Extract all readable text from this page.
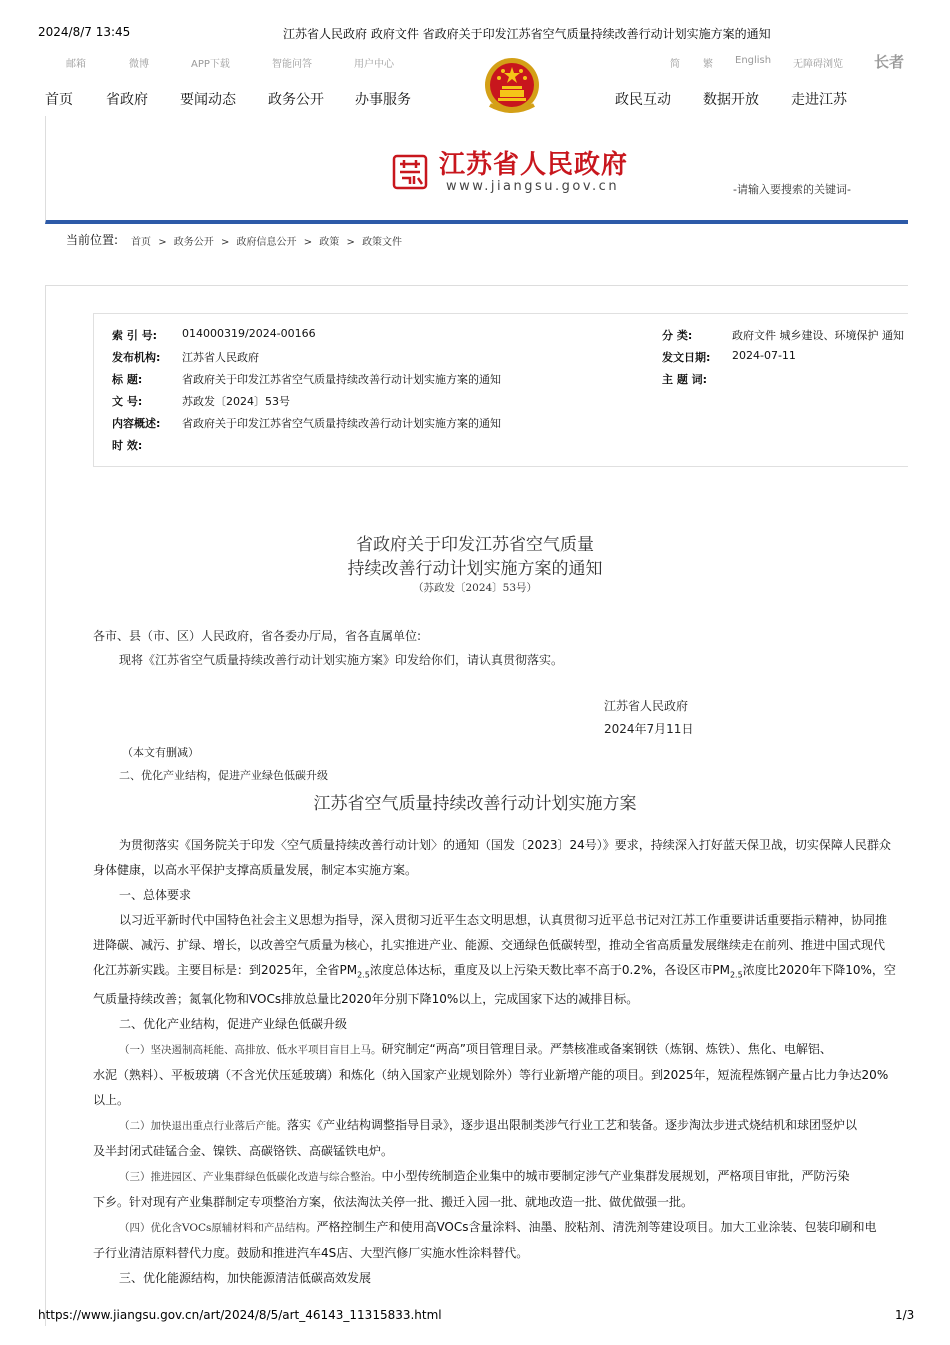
2024/8/7 13:45	江苏省人民政府 政府文件 省政府关于印发江苏省空气质量持续改善行动计划实施方案的通知
邮箱	微博	APP下载	智能问答	用户中心	简 繁 English 无障碍浏览 长者
首页 省政府 要闻动态 政务公开 办事服务	政民互动 数据开放 走进江苏
江苏省人民政府
www.jiangsu.gov.cn	-请输入要搜索的关键词-
当前位置: 首页 > 政务公开 > 政府信息公开 > 政策 > 政策文件
索 引 号: 014000319/2024-00166
发布机构: 江苏省人民政府
标 题:	省政府关于印发江苏省空气质量持续改善行动计划实施方案的通知
文 号:	苏政发〔2024〕53号
内容概述: 省政府关于印发江苏省空气质量持续改善行动计划实施方案的通知
时 效:
分 类:	政府文件 城乡建设、环境保护 通知
发文日期: 2024-07-11
主 题 词:
省政府关于印发江苏省空气质量
持续改善行动计划实施方案的通知
（苏政发〔2024〕53号）
各市、县（市、区）人民政府，省各委办厅局，省各直属单位:
现将《江苏省空气质量持续改善行动计划实施方案》印发给你们，请认真贯彻落实。
江苏省人民政府
2024年7月11日
（本文有删减）
二、优化产业结构，促进产业绿色低碳升级
江苏省空气质量持续改善行动计划实施方案

为贯彻落实《国务院关于印发〈空气质量持续改善行动计划〉的通知（国发〔2023〕24号）》要求，持续深入打好蓝天保卫战，切实保障人民群众

身体健康，以高水平保护支撑高质量发展，制定本实施方案。

一、总体要求

以习近平新时代中国特色社会主义思想为指导，深入贯彻习近平生态文明思想，认真贯彻习近平总书记对江苏工作重要讲话重要指示精神，协同推

进降碳、减污、扩绿、增长，以改善空气质量为核心，扎实推进产业、能源、交通绿色低碳转型，推动全省高质量发展继续走在前列、推进中国式现代

化江苏新实践。主要目标是：到2025年，全省$PM_{2.5}$浓度总体达标，重度及以上污染天数比率不高于0.2%，各设区市$PM_{2.5}$浓度比2020年下降10%，空

气质量持续改善；氮氧化物和VOCs排放总量比2020年分别下降10%以上，完成国家下达的减排目标。

二、优化产业结构，促进产业绿色低碳升级

（一）坚决遏制高耗能、高排放、低水平项目盲目上马。研究制定“两高”项目管理目录。严禁核准或备案钢铁（炼钢、炼铁）、焦化、电解铝、

水泥（熟料）、平板玻璃（不含光伏压延玻璃）和炼化（纳入国家产业规划除外）等行业新增产能的项目。到2025年，短流程炼钢产量占比力争达20%

以上。

（二）加快退出重点行业落后产能。落实《产业结构调整指导目录》，逐步退出限制类涉气行业工艺和装备。逐步淘汰步进式烧结机和球团竖炉以

及半封闭式硅锰合金、镍铁、高碳铬铁、高碳锰铁电炉。

（三）推进园区、产业集群绿色低碳化改造与综合整治。中小型传统制造企业集中的城市要制定涉气产业集群发展规划，严格项目审批，严防污染

下乡。针对现有产业集群制定专项整治方案，依法淘汰关停一批、搬迁入园一批、就地改造一批、做优做强一批。

（四）优化含VOCs原辅材料和产品结构。严格控制生产和使用高VOCs含量涂料、油墨、胶粘剂、清洗剂等建设项目。加大工业涂装、包装印刷和电

子行业清洁原料替代力度。鼓励和推进汽车4S店、大型汽修厂实施水性涂料替代。

三、优化能源结构，加快能源清洁低碳高效发展

https://www.jiangsu.gov.cn/art/2024/8/5/art_46143_11315833.html	1/3
